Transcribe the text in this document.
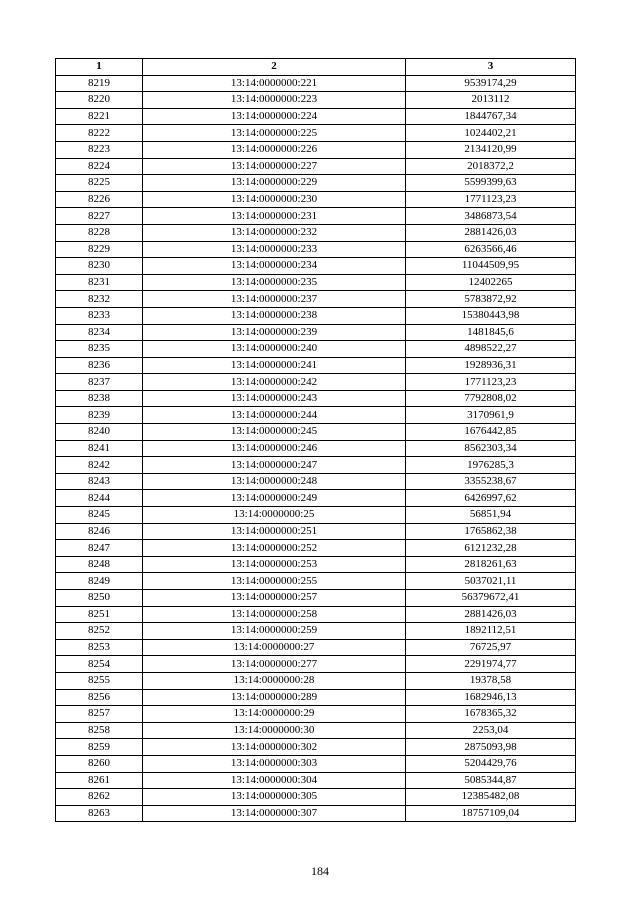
1	2	3
8219	13:14:0000000:221	9539174,29
8220	13:14:0000000:223	2013112
8221	13:14:0000000:224	1844767,34
8222	13:14:0000000:225	1024402,21
8223	13:14:0000000:226	2134120,99
8224	13:14:0000000:227	2018372,2
8225	13:14:0000000:229	5599399,63
8226	13:14:0000000:230	1771123,23
8227	13:14:0000000:231	3486873,54
8228	13:14:0000000:232	2881426,03
8229	13:14:0000000:233	6263566,46
8230	13:14:0000000:234	11044509,95
8231	13:14:0000000:235	12402265
8232	13:14:0000000:237	5783872,92
8233	13:14:0000000:238	15380443,98
8234	13:14:0000000:239	1481845,6
8235	13:14:0000000:240	4898522,27
8236	13:14:0000000:241	1928936,31
8237	13:14:0000000:242	1771123,23
8238	13:14:0000000:243	7792808,02
8239	13:14:0000000:244	3170961,9
8240	13:14:0000000:245	1676442,85
8241	13:14:0000000:246	8562303,34
8242	13:14:0000000:247	1976285,3
8243	13:14:0000000:248	3355238,67
8244	13:14:0000000:249	6426997,62
8245	13:14:0000000:25	56851,94
8246	13:14:0000000:251	1765862,38
8247	13:14:0000000:252	6121232,28
8248	13:14:0000000:253	2818261,63
8249	13:14:0000000:255	5037021,11
8250	13:14:0000000:257	56379672,41
8251	13:14:0000000:258	2881426,03
8252	13:14:0000000:259	1892112,51
8253	13:14:0000000:27	76725,97
8254	13:14:0000000:277	2291974,77
8255	13:14:0000000:28	19378,58
8256	13:14:0000000:289	1682946,13
8257	13:14:0000000:29	1678365,32
8258	13:14:0000000:30	2253,04
8259	13:14:0000000:302	2875093,98
8260	13:14:0000000:303	5204429,76
8261	13:14:0000000:304	5085344,87
8262	13:14:0000000:305	12385482,08
8263	13:14:0000000:307	18757109,04
184
